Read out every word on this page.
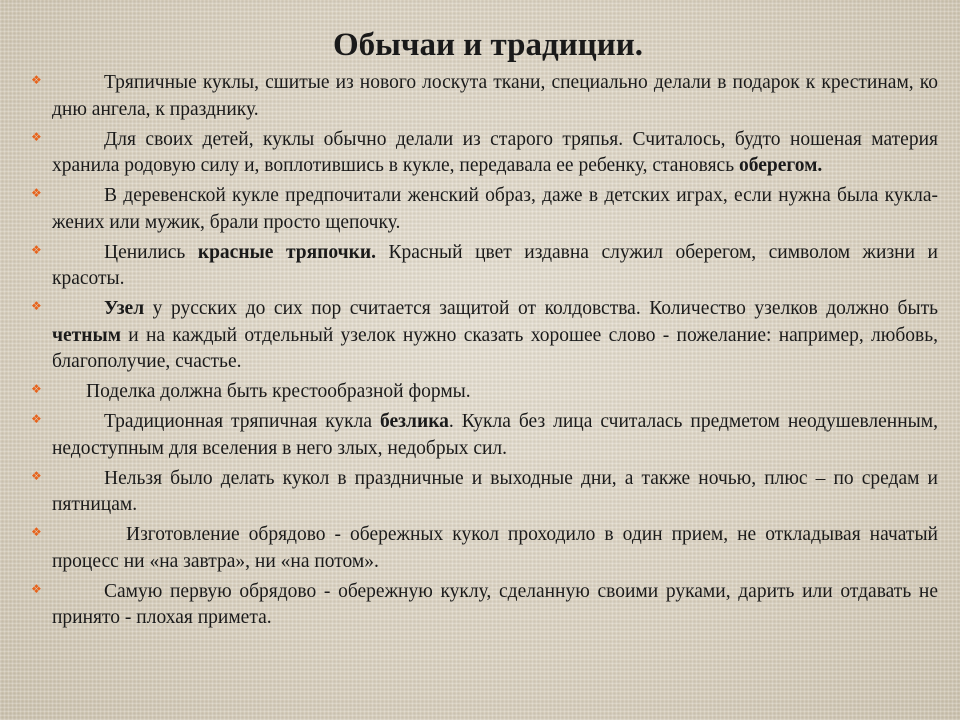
Обычаи и традиции.
❖	Тряпичные куклы, сшитые из нового лоскута ткани, специально делали в подарок к крестинам, ко дню ангела, к празднику.
❖	Для своих детей, куклы обычно делали из старого тряпья. Считалось, будто ношеная материя хранила родовую силу и, воплотившись в кукле, передавала ее ребенку, становясь оберегом.
❖	В деревенской кукле предпочитали женский образ, даже в детских играх, если нужна была кукла-жених или мужик, брали просто щепочку.
❖	Ценились красные тряпочки. Красный цвет издавна служил оберегом, символом жизни и красоты.
❖	Узел у русских до сих пор считается защитой от колдовства. Количество узелков должно быть четным и на каждый отдельный узелок нужно сказать хорошее слово - пожелание: например, любовь, благополучие, счастье.
❖ Поделка должна быть крестообразной формы.
❖	Традиционная тряпичная кукла безлика. Кукла без лица считалась предметом неодушевленным, недоступным для вселения в него злых, недобрых сил.
❖	Нельзя было делать кукол в праздничные и выходные дни, а также ночью, плюс – по средам и пятницам.
❖	Изготовление обрядово - обережных кукол проходило в один прием, не откладывая начатый процесс ни «на завтра», ни «на потом».
❖	Самую первую обрядово - обережную куклу, сделанную своими руками, дарить или отдавать не принято - плохая примета.
